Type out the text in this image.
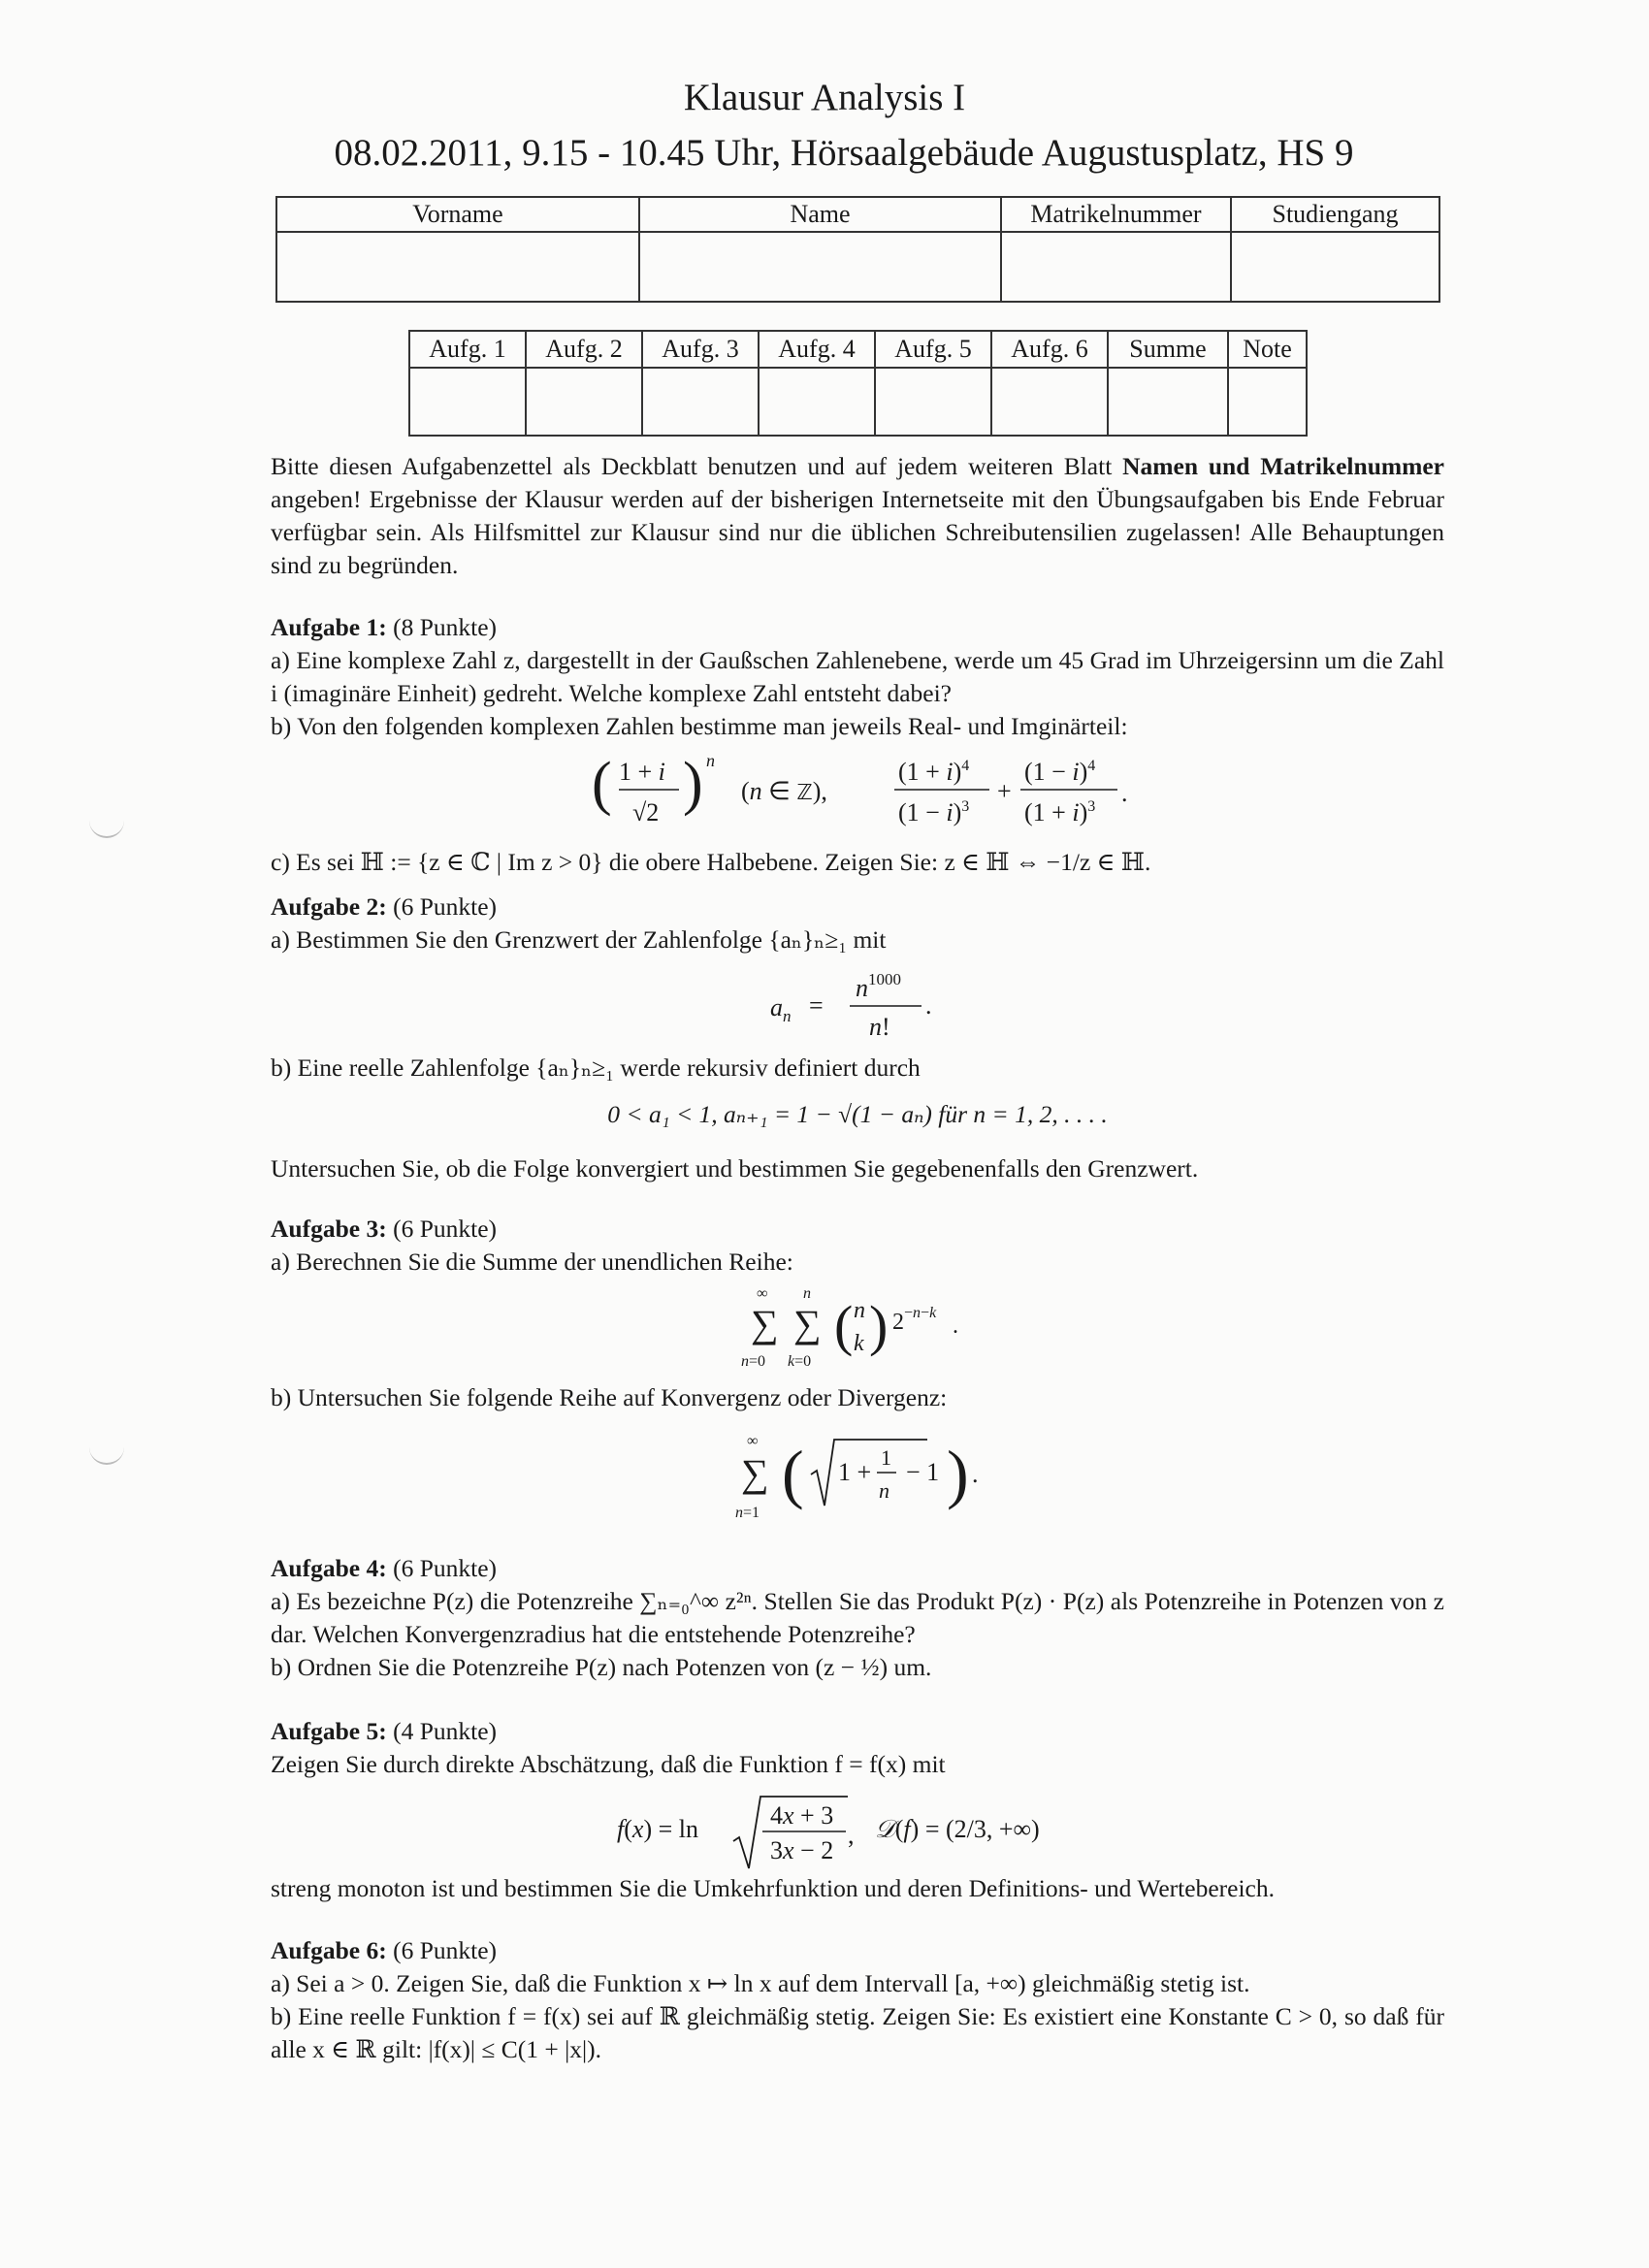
Klausur Analysis I
08.02.2011, 9.15 - 10.45 Uhr, Hörsaalgebäude Augustusplatz, HS 9
Vorname	Name	Matrikelnummer	Studiengang

Aufg. 1	Aufg. 2	Aufg. 3	Aufg. 4	Aufg. 5	Aufg. 6	Summe	Note

Bitte diesen Aufgabenzettel als Deckblatt benutzen und auf jedem weiteren Blatt Namen und Matrikelnummer angeben! Ergebnisse der Klausur werden auf der bisherigen Internetseite mit den Übungsaufgaben bis Ende Februar verfügbar sein. Als Hilfsmittel zur Klausur sind nur die üblichen Schreibutensilien zugelassen! Alle Behauptungen sind zu begründen.
Aufgabe 1: (8 Punkte)
a) Eine komplexe Zahl z, dargestellt in der Gaußschen Zahlenebene, werde um 45 Grad im Uhrzeigersinn um die Zahl i (imaginäre Einheit) gedreht. Welche komplexe Zahl entsteht dabei?
b) Von den folgenden komplexen Zahlen bestimme man jeweils Real- und Imginärteil:
( 1 + i
√2 ) n
(n ∈ ℤ),
$(1 + i)^4$
$(1 - i)^3$
+
$(1 - i)^4$
$(1 + i)^3$ .
c) Es sei ℍ := {z ∈ ℂ | Im z > 0} die obere Halbebene. Zeigen Sie: z ∈ ℍ ⇔ −1/z ∈ ℍ.
Aufgabe 2: (6 Punkte)
a) Bestimmen Sie den Grenzwert der Zahlenfolge {aₙ}ₙ≥₁ mit
$a_n$ =
$n^{1000}$
n!
.
b) Eine reelle Zahlenfolge {aₙ}ₙ≥₁ werde rekursiv definiert durch
0 < a₁ < 1, aₙ₊₁ = 1 − √(1 − aₙ) für n = 1, 2, . . . .
Untersuchen Sie, ob die Folge konvergiert und bestimmen Sie gegebenenfalls den Grenzwert.
Aufgabe 3: (6 Punkte)
a) Berechnen Sie die Summe der unendlichen Reihe:
∞
∑
n=0
n
∑
k=0
( n
k ) $2^{-n-k}$
.
b) Untersuchen Sie folgende Reihe auf Konvergenz oder Divergenz:
∞
∑
n=1
( 1 +
1
n
− 1 ) .
Aufgabe 4: (6 Punkte)
a) Es bezeichne P(z) die Potenzreihe ∑ₙ₌₀^∞ z²ⁿ. Stellen Sie das Produkt P(z) · P(z) als Potenzreihe in Potenzen von z dar. Welchen Konvergenzradius hat die entstehende Potenzreihe?
b) Ordnen Sie die Potenzreihe P(z) nach Potenzen von (z − ½) um.
Aufgabe 5: (4 Punkte)
Zeigen Sie durch direkte Abschätzung, daß die Funktion f = f(x) mit
f(x) = ln	4x + 3
3x − 2
, 𝒟(f) = (2/3, +∞)
streng monoton ist und bestimmen Sie die Umkehrfunktion und deren Definitions- und Wertebereich.
Aufgabe 6: (6 Punkte)
a) Sei a > 0. Zeigen Sie, daß die Funktion x ↦ ln x auf dem Intervall [a, +∞) gleichmäßig stetig ist.
b) Eine reelle Funktion f = f(x) sei auf ℝ gleichmäßig stetig. Zeigen Sie: Es existiert eine Konstante C > 0, so daß für alle x ∈ ℝ gilt: |f(x)| ≤ C(1 + |x|).
